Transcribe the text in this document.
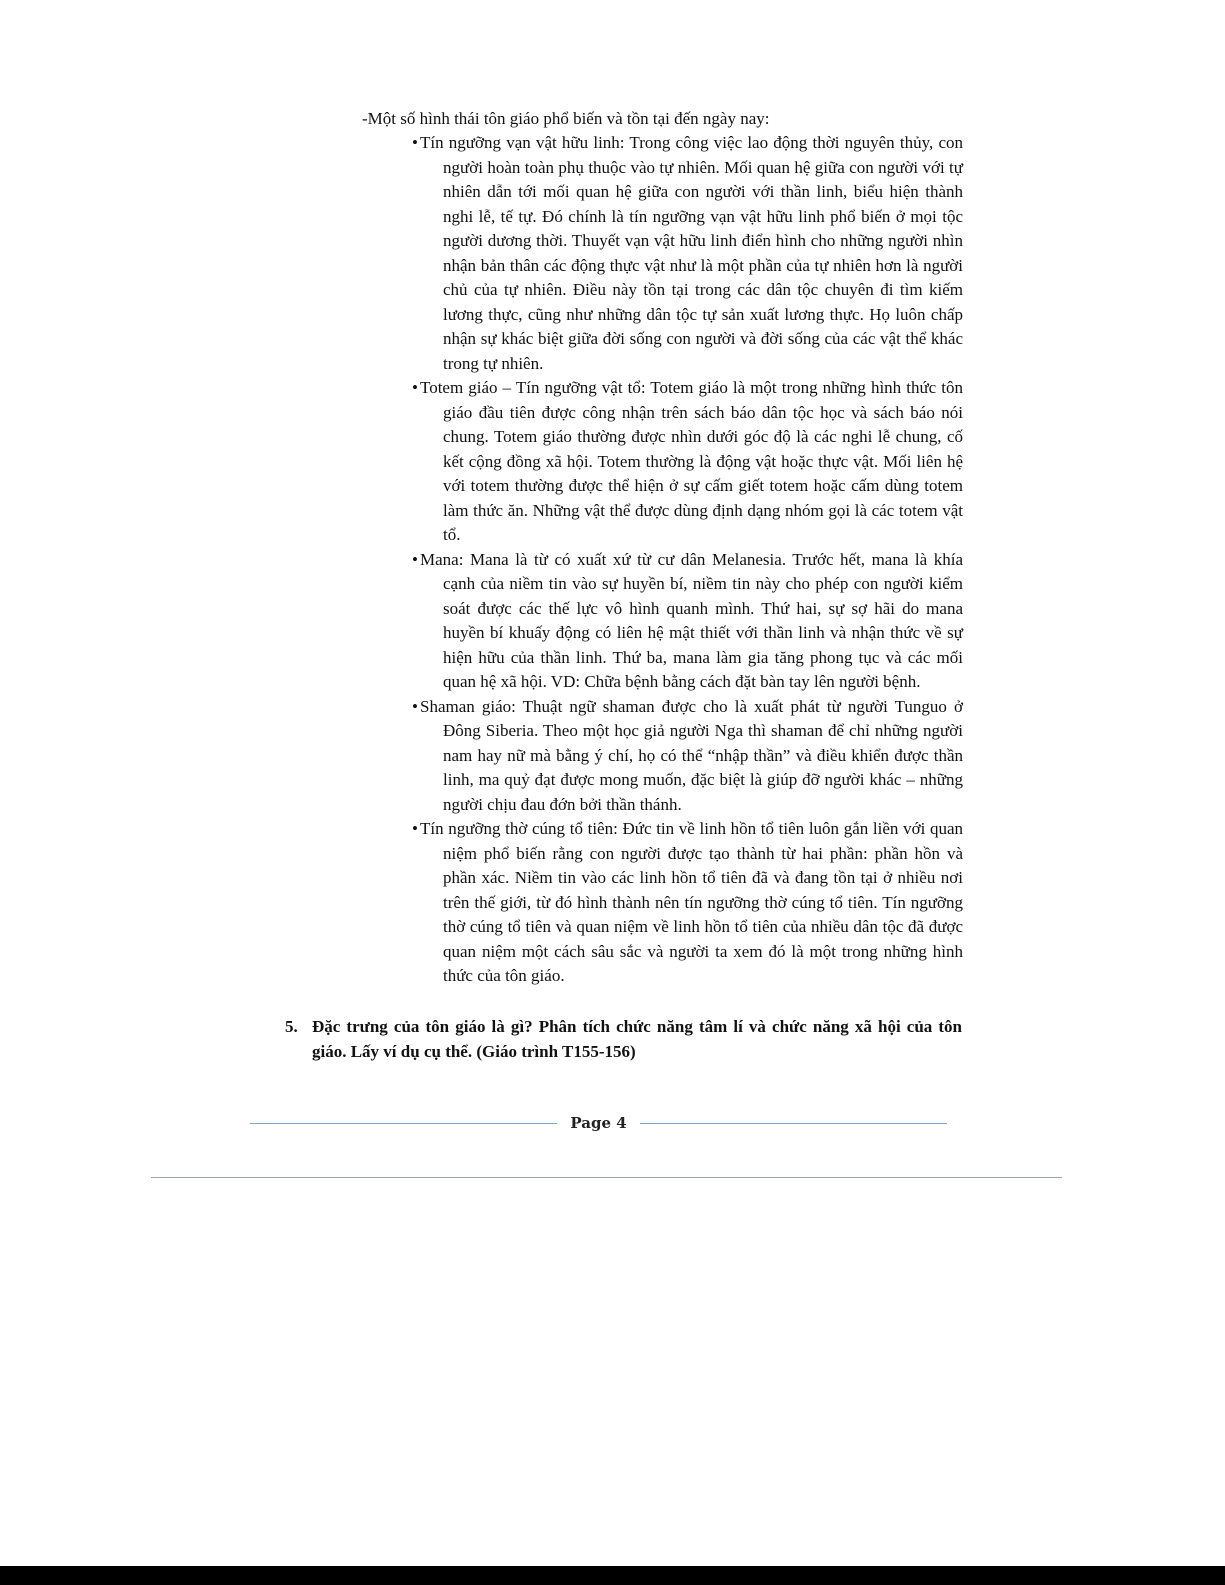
-Một số hình thái tôn giáo phổ biến và tồn tại đến ngày nay:

• Tín ngưỡng vạn vật hữu linh: Trong công việc lao động thời nguyên thủy, con người hoàn toàn phụ thuộc vào tự nhiên. Mối quan hệ giữa con người với tự nhiên dẫn tới mối quan hệ giữa con người với thần linh, biểu hiện thành nghi lễ, tế tự. Đó chính là tín ngưỡng vạn vật hữu linh phổ biến ở mọi tộc người dương thời. Thuyết vạn vật hữu linh điển hình cho những người nhìn nhận bản thân các động thực vật như là một phần của tự nhiên hơn là người chủ của tự nhiên. Điều này tồn tại trong các dân tộc chuyên đi tìm kiếm lương thực, cũng như những dân tộc tự sản xuất lương thực. Họ luôn chấp nhận sự khác biệt giữa đời sống con người và đời sống của các vật thể khác trong tự nhiên.
• Totem giáo – Tín ngưỡng vật tổ: Totem giáo là một trong những hình thức tôn giáo đầu tiên được công nhận trên sách báo dân tộc học và sách báo nói chung. Totem giáo thường được nhìn dưới góc độ là các nghi lễ chung, cố kết cộng đồng xã hội. Totem thường là động vật hoặc thực vật. Mối liên hệ với totem thường được thể hiện ở sự cấm giết totem hoặc cấm dùng totem làm thức ăn. Những vật thể được dùng định dạng nhóm gọi là các totem vật tổ.
• Mana: Mana là từ có xuất xứ từ cư dân Melanesia. Trước hết, mana là khía cạnh của niềm tin vào sự huyền bí, niềm tin này cho phép con người kiểm soát được các thế lực vô hình quanh mình. Thứ hai, sự sợ hãi do mana huyền bí khuấy động có liên hệ mật thiết với thần linh và nhận thức về sự hiện hữu của thần linh. Thứ ba, mana làm gia tăng phong tục và các mối quan hệ xã hội. VD: Chữa bệnh bằng cách đặt bàn tay lên người bệnh.
• Shaman giáo: Thuật ngữ shaman được cho là xuất phát từ người Tunguo ở Đông Siberia. Theo một học giả người Nga thì shaman để chỉ những người nam hay nữ mà bằng ý chí, họ có thể “nhập thần” và điều khiển được thần linh, ma quỷ đạt được mong muốn, đặc biệt là giúp đỡ người khác – những người chịu đau đớn bởi thần thánh.
• Tín ngưỡng thờ cúng tổ tiên: Đức tin về linh hồn tổ tiên luôn gắn liền với quan niệm phổ biến rằng con người được tạo thành từ hai phần: phần hồn và phần xác. Niềm tin vào các linh hồn tổ tiên đã và đang tồn tại ở nhiều nơi trên thế giới, từ đó hình thành nên tín ngưỡng thờ cúng tổ tiên. Tín ngưỡng thờ cúng tổ tiên và quan niệm về linh hồn tổ tiên của nhiều dân tộc đã được quan niệm một cách sâu sắc và người ta xem đó là một trong những hình thức của tôn giáo.
5. Đặc trưng của tôn giáo là gì? Phân tích chức năng tâm lí và chức năng xã hội của tôn giáo. Lấy ví dụ cụ thể. (Giáo trình T155-156)
Page 4
